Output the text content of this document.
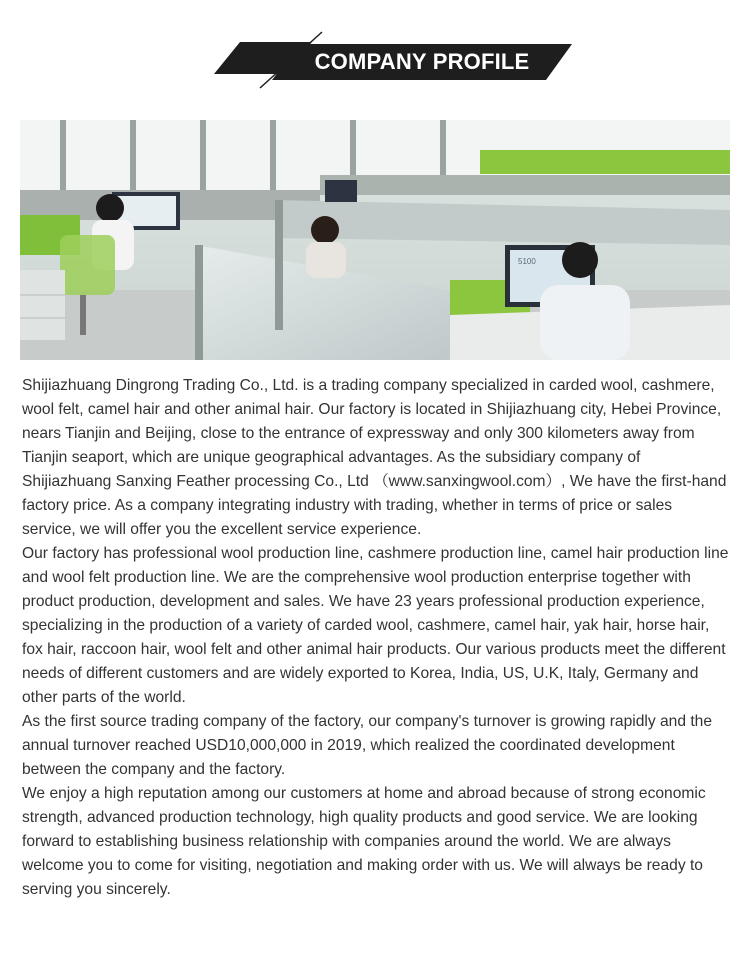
COMPANY PROFILE
5100

Shijiazhuang Dingrong Trading Co., Ltd. is a trading company specialized in carded wool, cashmere, wool felt, camel hair and other animal hair. Our factory is located in Shijiazhuang city, Hebei Province, nears Tianjin and Beijing, close to the entrance of expressway and only 300 kilometers away from Tianjin seaport, which are unique geographical advantages. As the subsidiary company of Shijiazhuang Sanxing Feather processing Co., Ltd （www.sanxingwool.com）, We have the first-hand factory price. As a company integrating industry with trading, whether in terms of price or sales service, we will offer you the excellent service experience.

Our factory has professional wool production line, cashmere production line, camel hair production line and wool felt production line. We are the comprehensive wool production enterprise together with product production, development and sales. We have 23 years professional production experience, specializing in the production of a variety of carded wool, cashmere, camel hair, yak hair, horse hair, fox hair, raccoon hair, wool felt and other animal hair products. Our various products meet the different needs of different customers and are widely exported to Korea, India, US, U.K, Italy, Germany and other parts of the world.

As the first source trading company of the factory, our company's turnover is growing rapidly and the annual turnover reached USD10,000,000 in 2019, which realized the coordinated development between the company and the factory.

We enjoy a high reputation among our customers at home and abroad because of strong economic strength, advanced production technology, high quality products and good service. We are looking forward to establishing business relationship with companies around the world. We are always welcome you to come for visiting, negotiation and making order with us. We will always be ready to serving you sincerely.
